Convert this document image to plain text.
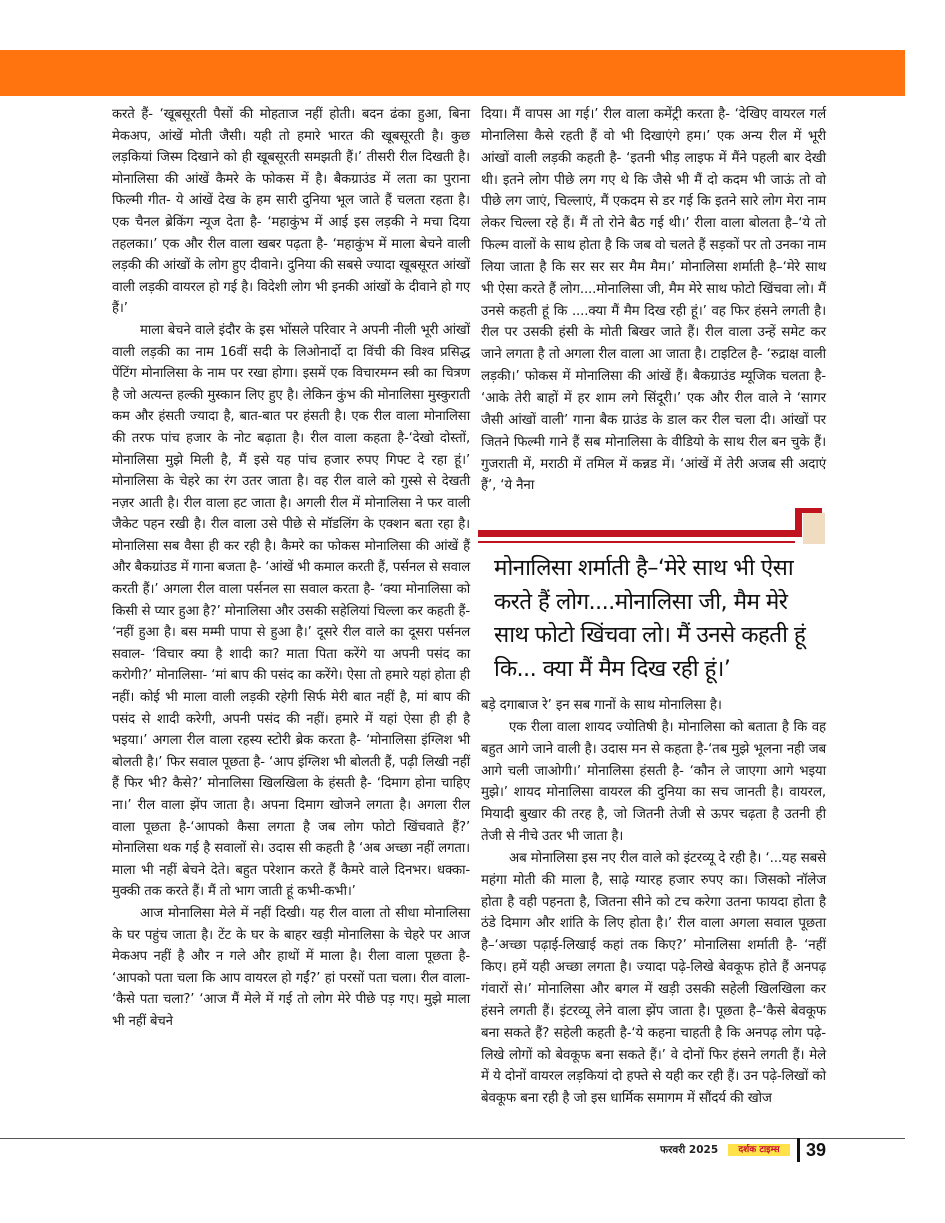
करते हैं- ‘खूबसूरती पैसों की मोहताज नहीं होती। बदन ढंका हुआ, बिना मेकअप, आंखें मोती जैसी। यही तो हमारे भारत की खूबसूरती है। कुछ लड़कियां जिस्म दिखाने को ही खूबसूरती समझती हैं।’ तीसरी रील दिखती है। मोनालिसा की आंखें कैमरे के फोकस में है। बैकग्राउंड में लता का पुराना फिल्मी गीत- ये आंखें देख के हम सारी दुनिया भूल जाते हैं चलता रहता है। एक चैनल ब्रेकिंग न्यूज देता है- ‘महाकुंभ में आई इस लड़की ने मचा दिया तहलका।’ एक और रील वाला खबर पढ़ता है- ‘महाकुंभ में माला बेचने वाली लड़की की आंखों के लोग हुए दीवाने। दुनिया की सबसे ज्यादा खूबसूरत आंखों वाली लड़की वायरल हो गई है। विदेशी लोग भी इनकी आंखों के दीवाने हो गए हैं।’

माला बेचने वाले इंदौर के इस भोंसले परिवार ने अपनी नीली भूरी आंखों वाली लड़की का नाम 16वीं सदी के लिओनार्दो दा विंची की विश्व प्रसिद्ध पेंटिंग मोनालिसा के नाम पर रखा होगा। इसमें एक विचारमग्न स्त्री का चित्रण है जो अत्यन्त हल्की मुस्कान लिए हुए है। लेकिन कुंभ की मोनालिसा मुस्कुराती कम और हंसती ज्यादा है, बात-बात पर हंसती है। एक रील वाला मोनालिसा की तरफ पांच हजार के नोट बढ़ाता है। रील वाला कहता है-‘देखो दोस्तों, मोनालिसा मुझे मिली है, मैं इसे यह पांच हजार रुपए गिफ्ट दे रहा हूं।’ मोनालिसा के चेहरे का रंग उतर जाता है। वह रील वाले को गुस्से से देखती नज़र आती है। रील वाला हट जाता है। अगली रील में मोनालिसा ने फर वाली जैकेट पहन रखी है। रील वाला उसे पीछे से मॉडलिंग के एक्शन बता रहा है। मोनालिसा सब वैसा ही कर रही है। कैमरे का फोकस मोनालिसा की आंखें हैं और बैकग्रांउड में गाना बजता है- ‘आंखें भी कमाल करती हैं, पर्सनल से सवाल करती हैं।’ अगला रील वाला पर्सनल सा सवाल करता है- ‘क्या मोनालिसा को किसी से प्यार हुआ है?’ मोनालिसा और उसकी सहेलियां चिल्ला कर कहती हैं- ‘नहीं हुआ है। बस मम्मी पापा से हुआ है।’ दूसरे रील वाले का दूसरा पर्सनल सवाल- ‘विचार क्या है शादी का? माता पिता करेंगे या अपनी पसंद का करोगी?’ मोनालिसा- ‘मां बाप की पसंद का करेंगे। ऐसा तो हमारे यहां होता ही नहीं। कोई भी माला वाली लड़की रहेगी सिर्फ मेरी बात नहीं है, मां बाप की पसंद से शादी करेगी, अपनी पसंद की नहीं। हमारे में यहां ऐसा ही ही है भइया।’ अगला रील वाला रहस्य स्टोरी ब्रेक करता है- ‘मोनालिसा इंग्लिश भी बोलती है।’ फिर सवाल पूछता है- ‘आप इंग्लिश भी बोलती हैं, पढ़ी लिखी नहीं हैं फिर भी? कैसे?’ मोनालिसा खिलखिला के हंसती है- ‘दिमाग होना चाहिए ना।’ रील वाला झेंप जाता है। अपना दिमाग खोजने लगता है। अगला रील वाला पूछता है-‘आपको कैसा लगता है जब लोग फोटो खिंचवाते हैं?’ मोनालिसा थक गई है सवालों से। उदास सी कहती है ‘अब अच्छा नहीं लगता। माला भी नहीं बेचने देते। बहुत परेशान करते हैं कैमरे वाले दिनभर। धक्का-मुक्की तक करते हैं। मैं तो भाग जाती हूं कभी-कभी।’

आज मोनालिसा मेले में नहीं दिखी। यह रील वाला तो सीधा मोनालिसा के घर पहुंच जाता है। टेंट के घर के बाहर खड़ी मोनालिसा के चेहरे पर आज मेकअप नहीं है और न गले और हाथों में माला है। रीला वाला पूछता है- ‘आपको पता चला कि आप वायरल हो गईं?’ हां परसों पता चला। रील वाला- ‘कैसे पता चला?’ ‘आज मैं मेले में गई तो लोग मेरे पीछे पड़ गए। मुझे माला भी नहीं बेचने

दिया। मैं वापस आ गई।’ रील वाला कमेंट्री करता है- ‘देखिए वायरल गर्ल मोनालिसा कैसे रहती हैं वो भी दिखाएंगे हम।’ एक अन्य रील में भूरी आंखों वाली लड़की कहती है- ‘इतनी भीड़ लाइफ में मैंने पहली बार देखी थी। इतने लोग पीछे लग गए थे कि जैसे भी मैं दो कदम भी जाऊं तो वो पीछे लग जाएं, चिल्लाएं, मैं एकदम से डर गई कि इतने सारे लोग मेरा नाम लेकर चिल्ला रहे हैं। मैं तो रोने बैठ गई थी।’ रीला वाला बोलता है–‘ये तो फिल्म वालों के साथ होता है कि जब वो चलते हैं सड़कों पर तो उनका नाम लिया जाता है कि सर सर सर मैम मैम।’ मोनालिसा शर्माती है–‘मेरे साथ भी ऐसा करते हैं लोग....मोनालिसा जी, मैम मेरे साथ फोटो खिंचवा लो। मैं उनसे कहती हूं कि ....क्या मैं मैम दिख रही हूं।’ वह फिर हंसने लगती है। रील पर उसकी हंसी के मोती बिखर जाते हैं। रील वाला उन्हें समेट कर जाने लगता है तो अगला रील वाला आ जाता है। टाइटिल है- ‘रुद्राक्ष वाली लड़की।’ फोकस में मोनालिसा की आंखें हैं। बैकग्राउंड म्यूजिक चलता है- ‘आके तेरी बाहों में हर शाम लगे सिंदूरी।’ एक और रील वाले ने ‘सागर जैसी आंखों वाली’ गाना बैक ग्राउंड के डाल कर रील चला दी। आंखों पर जितने फिल्मी गाने हैं सब मोनालिसा के वीडियो के साथ रील बन चुके हैं। गुजराती में, मराठी में तमिल में कन्नड में। ‘आंखें में तेरी अजब सी अदाएं हैं’, ‘ये नैना

मोनालिसा शर्माती है–‘मेरे साथ भी ऐसा करते हैं लोग....मोनालिसा जी, मैम मेरे साथ फोटो खिंचवा लो। मैं उनसे कहती हूं कि... क्या मैं मैम दिख रही हूं।’

बड़े दगाबाज रे’ इन सब गानों के साथ मोनालिसा है।

एक रीला वाला शायद ज्योतिषी है। मोनालिसा को बताता है कि वह बहुत आगे जाने वाली है। उदास मन से कहता है-‘तब मुझे भूलना नही जब आगे चली जाओगी।’ मोनालिसा हंसती है- ‘कौन ले जाएगा आगे भइया मुझे।’ शायद मोनालिसा वायरल की दुनिया का सच जानती है। वायरल, मियादी बुखार की तरह है, जो जितनी तेजी से ऊपर चढ़ता है उतनी ही तेजी से नीचे उतर भी जाता है।

अब मोनालिसा इस नए रील वाले को इंटरव्यू दे रही है। ‘...यह सबसे महंगा मोती की माला है, साढ़े ग्यारह हजार रुपए का। जिसको नॉलेज होता है वही पहनता है, जितना सीने को टच करेगा उतना फायदा होता है ठंडे दिमाग और शांति के लिए होता है।’ रील वाला अगला सवाल पूछता है–‘अच्छा पढ़ाई-लिखाई कहां तक किए?’ मोनालिसा शर्माती है- ‘नहीं किए। हमें यही अच्छा लगता है। ज्यादा पढ़े-लिखे बेवकूफ होते हैं अनपढ़ गंवारों से।’ मोनालिसा और बगल में खड़ी उसकी सहेली खिलखिला कर हंसने लगती हैं। इंटरव्यू लेने वाला झेंप जाता है। पूछता है–‘कैसे बेवकूफ बना सकते हैं? सहेली कहती है-‘ये कहना चाहती है कि अनपढ़ लोग पढ़े-लिखे लोगों को बेवकूफ बना सकते हैं।’ वे दोनों फिर हंसने लगती हैं। मेले में ये दोनों वायरल लड़कियां दो हफ्ते से यही कर रही हैं। उन पढ़े-लिखों को बेवकूफ बना रही है जो इस धार्मिक समागम में सौंदर्य की खोज

फरवरी 2025	दर्शक टाइम्स	39
